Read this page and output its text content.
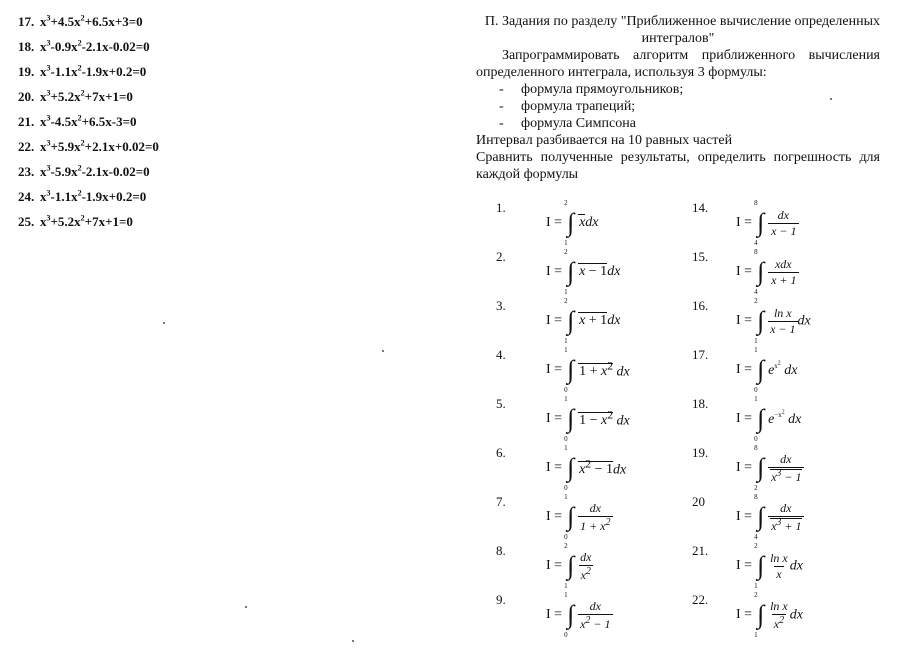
17. $x^3+4.5x^2+6.5x+3=0$
18. $x^3-0.9x^2-2.1x-0.02=0$
19. $x^3-1.1x^2-1.9x+0.2=0$
20. $x^3+5.2x^2+7x+1=0$
21. $x^3-4.5x^2+6.5x-3=0$
22. $x^3+5.9x^2+2.1x+0.02=0$
23. $x^3-5.9x^2-2.1x-0.02=0$
24. $x^3-1.1x^2-1.9x+0.2=0$
25. $x^3+5.2x^2+7x+1=0$
П. Задания по разделу "Приближенное вычисление определенных
интегралов"
Запрограммировать алгоритм приближенного вычисления
определенного интеграла, используя 3 формулы:
- формула прямоугольников;
- формула трапеций;
- формула Симпсона
Интервал разбивается на 10 равных частей
Сравнить полученные результаты, определить погрешность для
каждой формулы
1.
I =
2
∫
1
xdx
2.
I =
2
∫
1
x − 1dx
3.
I =
2
∫
1
x + 1dx
4.
I =
1
∫
0
$1 + x^2$ dx
5.
I =
1
∫
0
$1 - x^2$ dx
6.
I =
1
∫
0
$x^2 - 1dx$
7.
I =
1
∫
0
$\frac{dx}{1 + x^2}$
8.
I =
2
∫
1
$\frac{dx}{x^2}$
9.
I =
1
∫
0
$\frac{dx}{x^2 - 1}$
14.
I =
8
∫
4
$\frac{dx}{x - 1}$
15.
I =
8
∫
4
$\frac{\text{xdx}}{x + 1}$
16.
I =
2
∫
1
$\frac{\text{ln x}}{x - 1}$ dx
17.
I =
1
∫
0
$e^{x^2}$ dx
18.
I =
1
∫
0
$e^{-x^2}$ dx
19.
I =
8
∫
2
$\frac{dx}{x^3 - 1}$
20
I =
8
∫
4
$\frac{dx}{x^3 + 1}$
21.
I =
2
∫
1
$\frac{\text{ln x}}{x}$ dx
22.
I =
2
∫
1
$\frac{\text{ln x}}{x^2}$ dx
